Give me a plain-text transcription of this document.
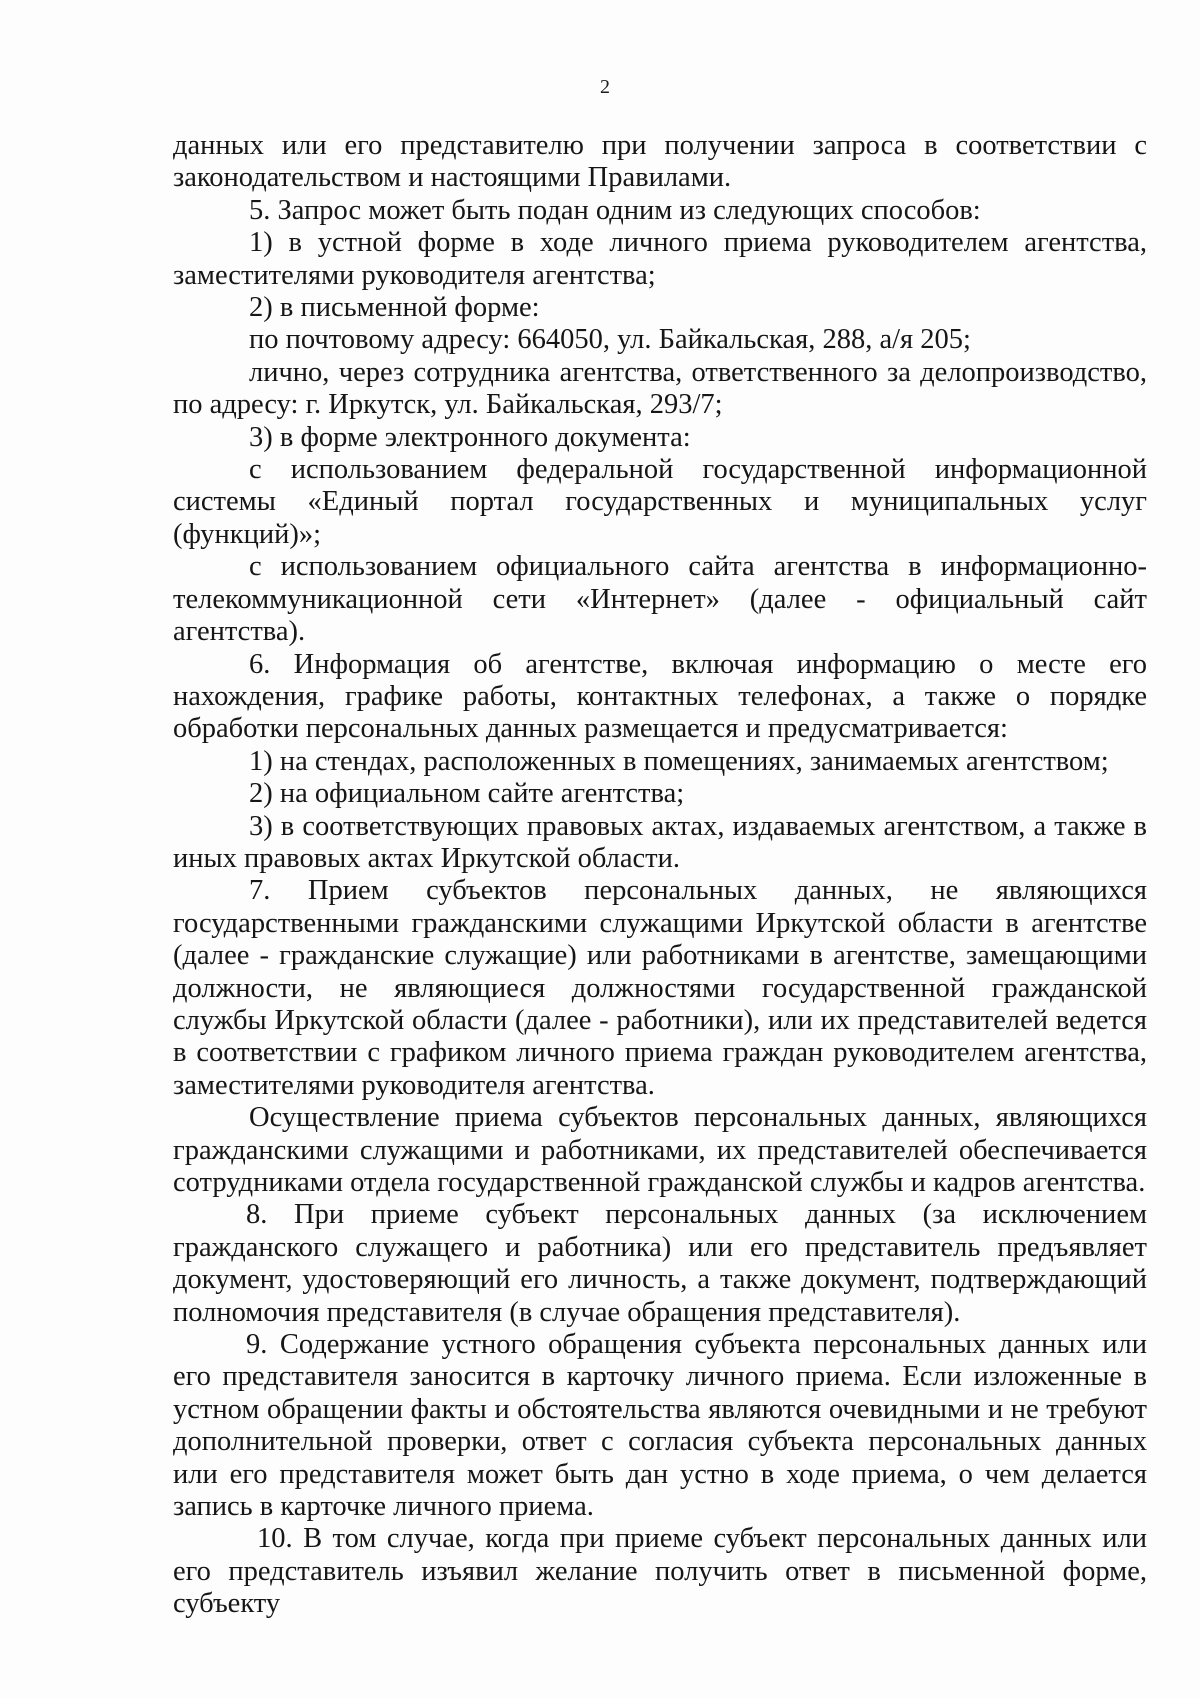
2

данных или его представителю при получении запроса в соответствии с законодательством и настоящими Правилами.

5. Запрос может быть подан одним из следующих способов:

1) в устной форме в ходе личного приема руководителем агентства, заместителями руководителя агентства;

2) в письменной форме:

по почтовому адресу: 664050, ул. Байкальская, 288, а/я 205;

лично, через сотрудника агентства, ответственного за делопроизводство, по адресу: г. Иркутск, ул. Байкальская, 293/7;

3) в форме электронного документа:

с использованием федеральной государственной информационной системы «Единый портал государственных и муниципальных услуг (функций)»;

с использованием официального сайта агентства в информационно-телекоммуникационной сети «Интернет» (далее - официальный сайт агентства).

6. Информация об агентстве, включая информацию о месте его нахождения, графике работы, контактных телефонах, а также о порядке обработки персональных данных размещается и предусматривается:

1) на стендах, расположенных в помещениях, занимаемых агентством;

2) на официальном сайте агентства;

3) в соответствующих правовых актах, издаваемых агентством, а также в иных правовых актах Иркутской области.

7. Прием субъектов персональных данных, не являющихся государственными гражданскими служащими Иркутской области в агентстве (далее - гражданские служащие) или работниками в агентстве, замещающими должности, не являющиеся должностями государственной гражданской службы Иркутской области (далее - работники), или их представителей ведется в соответствии с графиком личного приема граждан руководителем агентства, заместителями руководителя агентства.

Осуществление приема субъектов персональных данных, являющихся гражданскими служащими и работниками, их представителей обеспечивается сотрудниками отдела государственной гражданской службы и кадров агентства.

8. При приеме субъект персональных данных (за исключением гражданского служащего и работника) или его представитель предъявляет документ, удостоверяющий его личность, а также документ, подтверждающий полномочия представителя (в случае обращения представителя).

9. Содержание устного обращения субъекта персональных данных или его представителя заносится в карточку личного приема. Если изложенные в устном обращении факты и обстоятельства являются очевидными и не требуют дополнительной проверки, ответ с согласия субъекта персональных данных или его представителя может быть дан устно в ходе приема, о чем делается запись в карточке личного приема.

10. В том случае, когда при приеме субъект персональных данных или его представитель изъявил желание получить ответ в письменной форме, субъекту
